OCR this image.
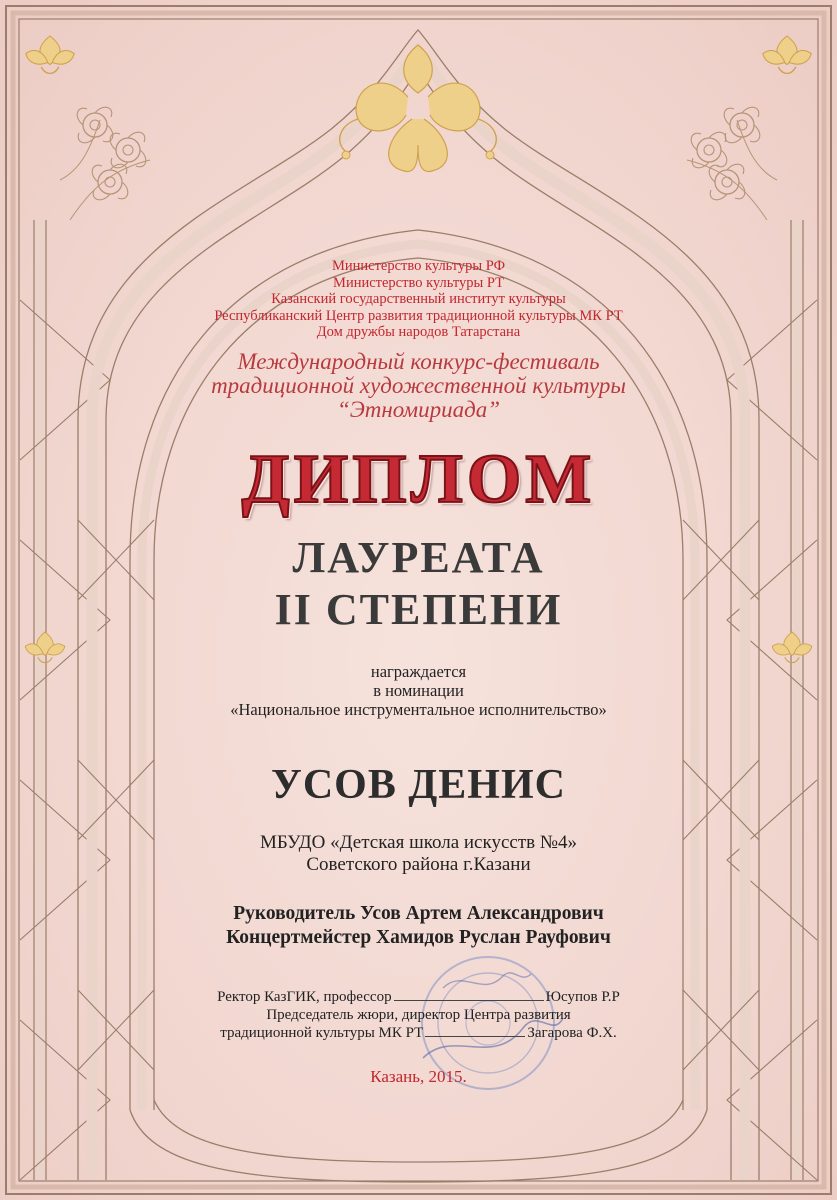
Министерство культуры РФ
Министерство культуры РТ
Казанский государственный институт культуры
Республиканский Центр развития традиционной культуры МК РТ
Дом дружбы народов Татарстана
Международный конкурс-фестиваль
традиционной художественной культуры
“Этномириада”
ДИПЛОМ
ЛАУРЕАТА
II СТЕПЕНИ
награждается
в номинации
«Национальное инструментальное исполнительство»
УСОВ ДЕНИС
МБУДО «Детская школа искусств №4»
Советского района г.Казани
Руководитель Усов Артем Александрович
Концертмейстер Хамидов Руслан Рауфович
Ректор КазГИК, профессор	Юсупов Р.Р
Председатель жюри, директор Центра развития
традиционной культуры МК РТ	Загарова Ф.Х.
Казань, 2015.
